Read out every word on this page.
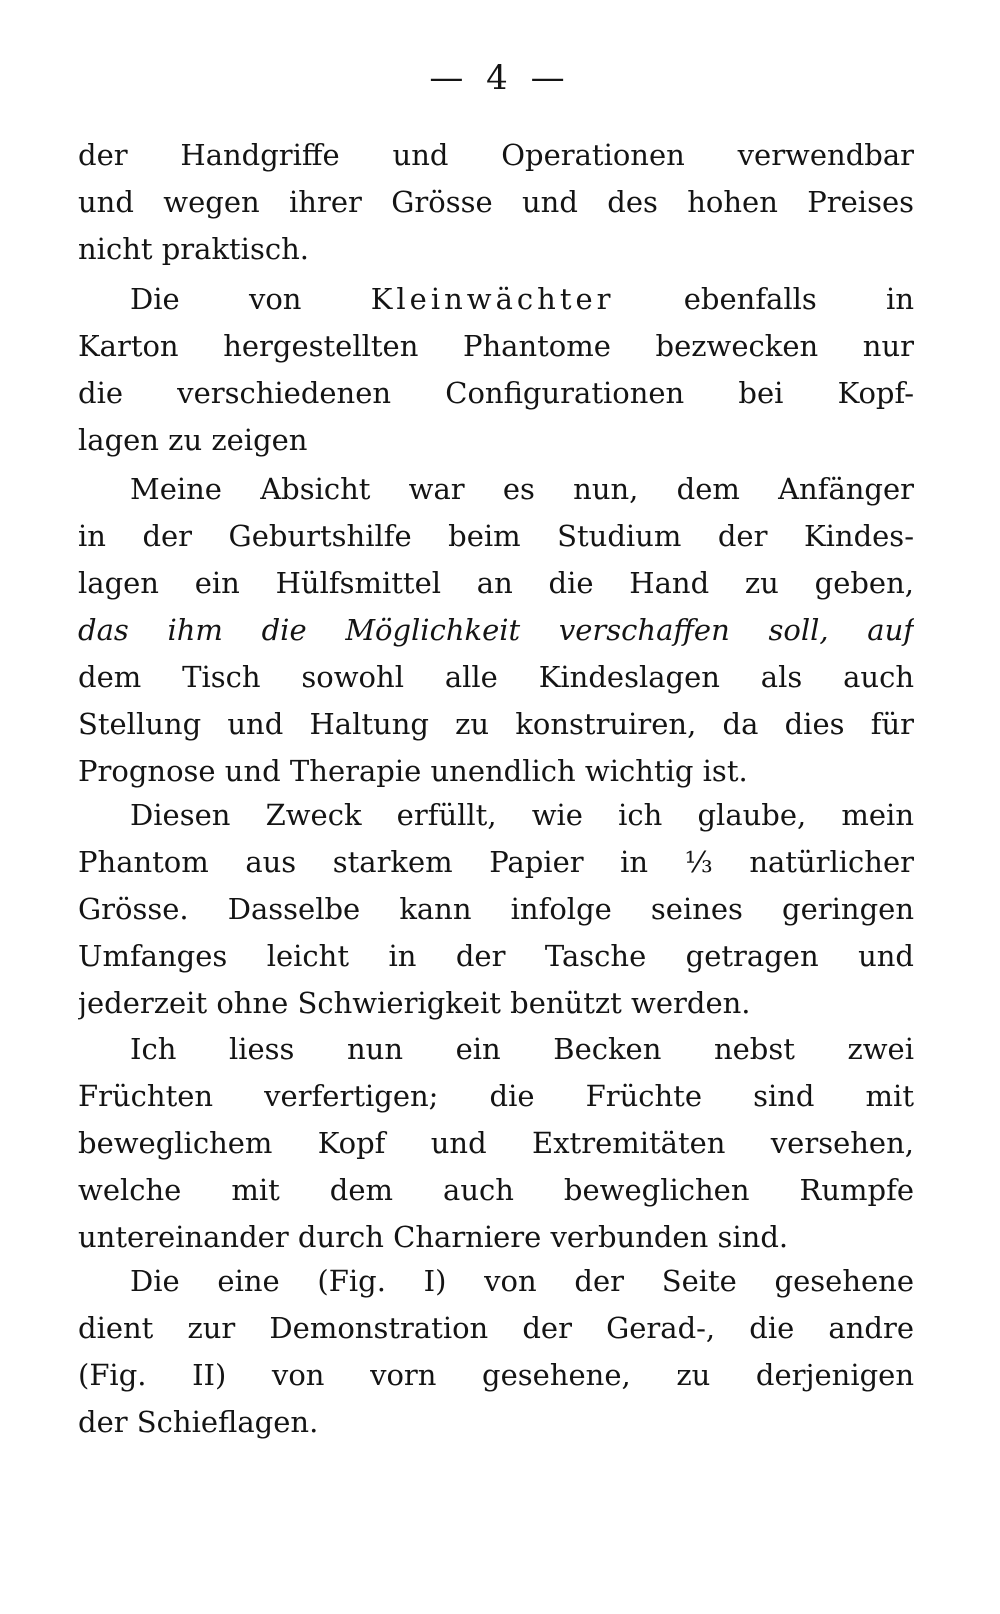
— 4 —
der Handgriffe und Operationen verwendbar
und wegen ihrer Grösse und des hohen Preises
nicht praktisch.
Die von Kleinwächter ebenfalls in
Karton hergestellten Phantome bezwecken nur
die verschiedenen Configurationen bei Kopf-
lagen zu zeigen
Meine Absicht war es nun, dem Anfänger
in der Geburtshilfe beim Studium der Kindes-
lagen ein Hülfsmittel an die Hand zu geben,
das ihm die Möglichkeit verschaffen soll, auf
dem Tisch sowohl alle Kindeslagen als auch
Stellung und Haltung zu konstruiren, da dies für
Prognose und Therapie unendlich wichtig ist.
Diesen Zweck erfüllt, wie ich glaube, mein
Phantom aus starkem Papier in ⅓ natürlicher
Grösse. Dasselbe kann infolge seines geringen
Umfanges leicht in der Tasche getragen und
jederzeit ohne Schwierigkeit benützt werden.
Ich liess nun ein Becken nebst zwei
Früchten verfertigen; die Früchte sind mit
beweglichem Kopf und Extremitäten versehen,
welche mit dem auch beweglichen Rumpfe
untereinander durch Charniere verbunden sind.
Die eine (Fig. I) von der Seite gesehene
dient zur Demonstration der Gerad-, die andre
(Fig. II) von vorn gesehene, zu derjenigen
der Schieflagen.
